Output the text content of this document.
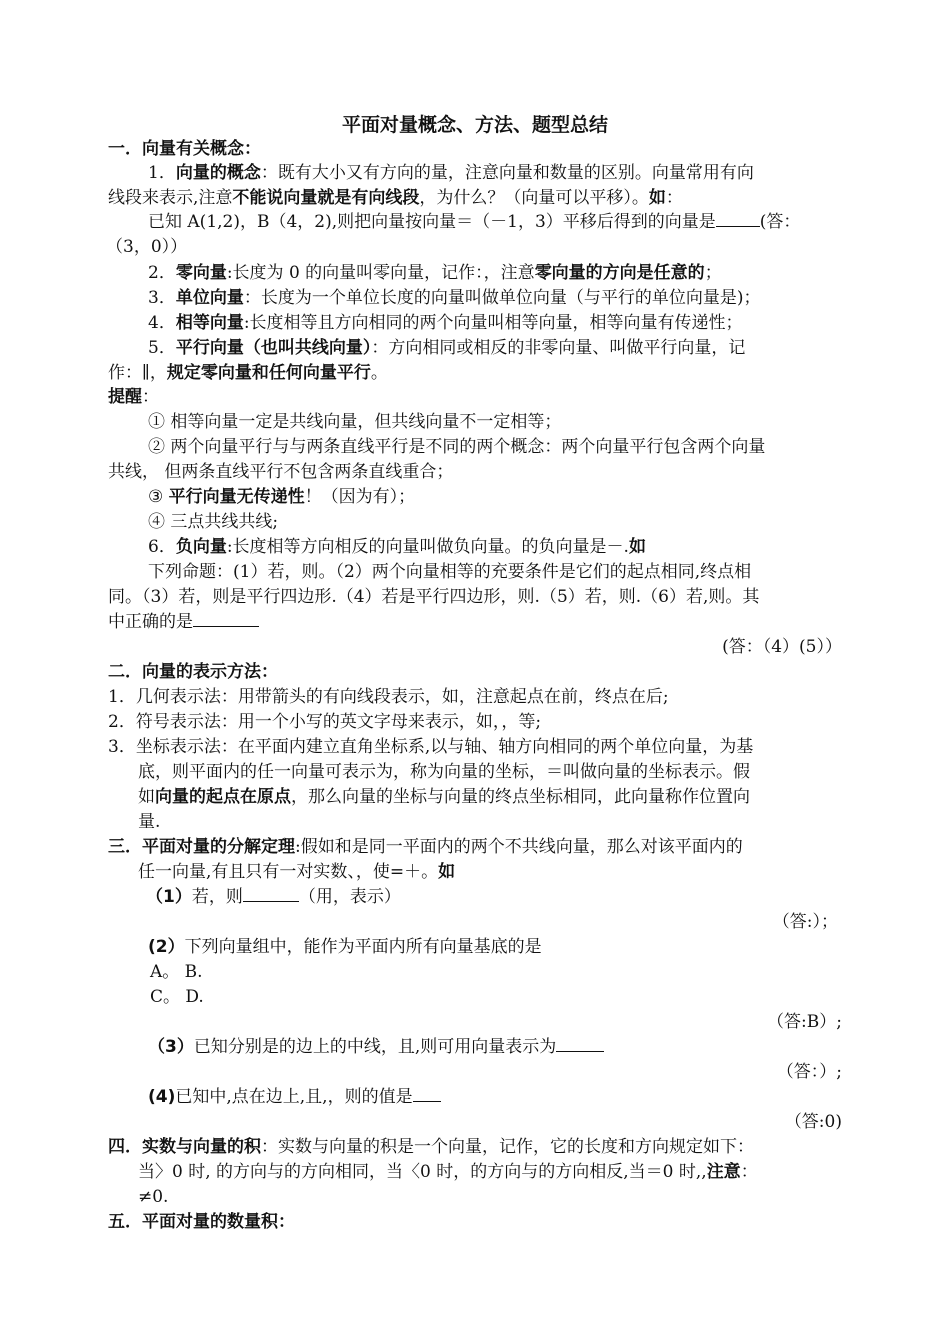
平面对量概念、方法、题型总结
一．向量有关概念：
1．向量的概念：既有大小又有方向的量，注意向量和数量的区别。向量常用有向
线段来表示,注意不能说向量就是有向线段，为什么？（向量可以平移）。如：
已知 A(1,2)，B（4，2),则把向量按向量＝（－1，3）平移后得到的向量是	(答：
（3，0））
2．零向量:长度为 0 的向量叫零向量，记作：，注意零向量的方向是任意的；
3．单位向量：长度为一个单位长度的向量叫做单位向量（与平行的单位向量是)；
4．相等向量:长度相等且方向相同的两个向量叫相等向量，相等向量有传递性；
5．平行向量（也叫共线向量）：方向相同或相反的非零向量、叫做平行向量，记
作：∥，规定零向量和任何向量平行。
提醒：
① 相等向量一定是共线向量，但共线向量不一定相等；
② 两个向量平行与与两条直线平行是不同的两个概念：两个向量平行包含两个向量
共线， 但两条直线平行不包含两条直线重合；
③ 平行向量无传递性！（因为有）；
④ 三点共线共线;
6．负向量:长度相等方向相反的向量叫做负向量。的负向量是－.如
下列命题：(1）若，则。（2）两个向量相等的充要条件是它们的起点相同,终点相
同。（3）若，则是平行四边形.（4）若是平行四边形，则.（5）若，则.（6）若,则。其
中正确的是
(答：（4）(5））
二．向量的表示方法：
1．几何表示法：用带箭头的有向线段表示，如，注意起点在前，终点在后;
2．符号表示法：用一个小写的英文字母来表示，如，，等;
3．坐标表示法：在平面内建立直角坐标系,以与轴、轴方向相同的两个单位向量，为基
底，则平面内的任一向量可表示为，称为向量的坐标，＝叫做向量的坐标表示。假
如向量的起点在原点，那么向量的坐标与向量的终点坐标相同，此向量称作位置向
量.
三．平面对量的分解定理:假如和是同一平面内的两个不共线向量，那么对该平面内的
任一向量,有且只有一对实数、，使=＋。如
（1）若，则	（用，表示）
（答:）；
(2）下列向量组中，能作为平面内所有向量基底的是
A。 B.
C。 D.
（答:B）;
（3）已知分别是的边上的中线，且,则可用向量表示为
（答：）;
(4)已知中,点在边上,且,，则的值是
（答:0)
四．实数与向量的积：实数与向量的积是一个向量，记作，它的长度和方向规定如下：
当〉0 时, 的方向与的方向相同，当〈0 时，的方向与的方向相反,当＝0 时,,注意：
≠0.
五．平面对量的数量积：
